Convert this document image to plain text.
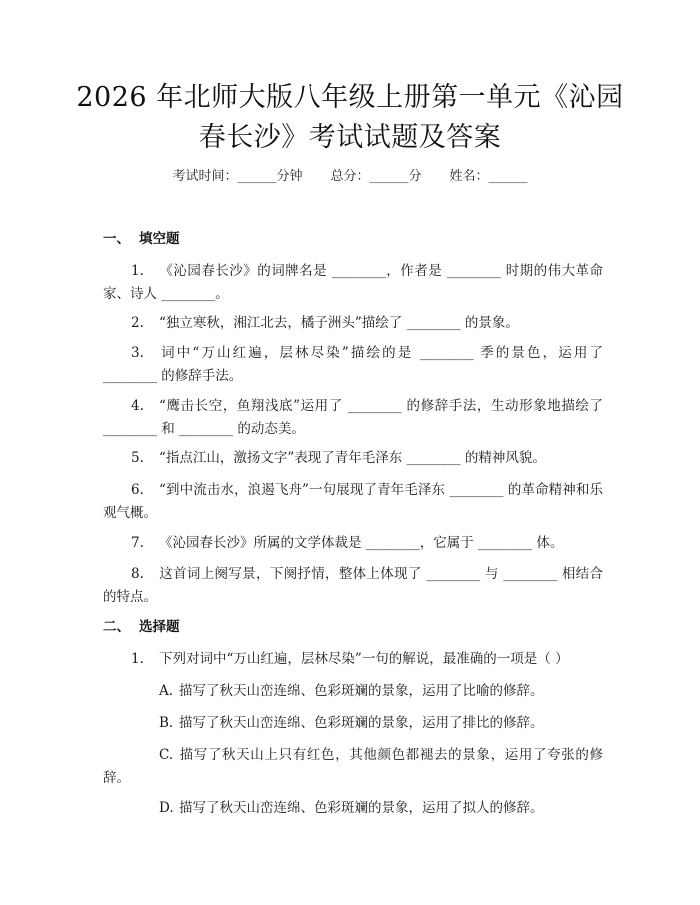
2026 年北师大版八年级上册第一单元《沁园
春长沙》考试试题及答案
考试时间：______分钟 总分：______分 姓名：______
一、 填空题
1. 《沁园春长沙》的词牌名是 ________，作者是 ________ 时期的伟大革命家、诗人 ________。
2. “独立寒秋，湘江北去，橘子洲头”描绘了 ________ 的景象。
3. 词中“万山红遍，层林尽染”描绘的是 ________ 季的景色，运用了 ________ 的修辞手法。
4. “鹰击长空，鱼翔浅底”运用了 ________ 的修辞手法，生动形象地描绘了 ________ 和 ________ 的动态美。
5. “指点江山，激扬文字”表现了青年毛泽东 ________ 的精神风貌。
6. “到中流击水，浪遏飞舟”一句展现了青年毛泽东 ________ 的革命精神和乐观气概。
7. 《沁园春长沙》所属的文学体裁是 ________，它属于 ________ 体。
8. 这首词上阕写景，下阕抒情，整体上体现了 ________ 与 ________ 相结合的特点。
二、 选择题
1. 下列对词中“万山红遍，层林尽染”一句的解说，最准确的一项是（ ）
A. 描写了秋天山峦连绵、色彩斑斓的景象，运用了比喻的修辞。
B. 描写了秋天山峦连绵、色彩斑斓的景象，运用了排比的修辞。
C. 描写了秋天山上只有红色，其他颜色都褪去的景象，运用了夸张的修辞。
D. 描写了秋天山峦连绵、色彩斑斓的景象，运用了拟人的修辞。
